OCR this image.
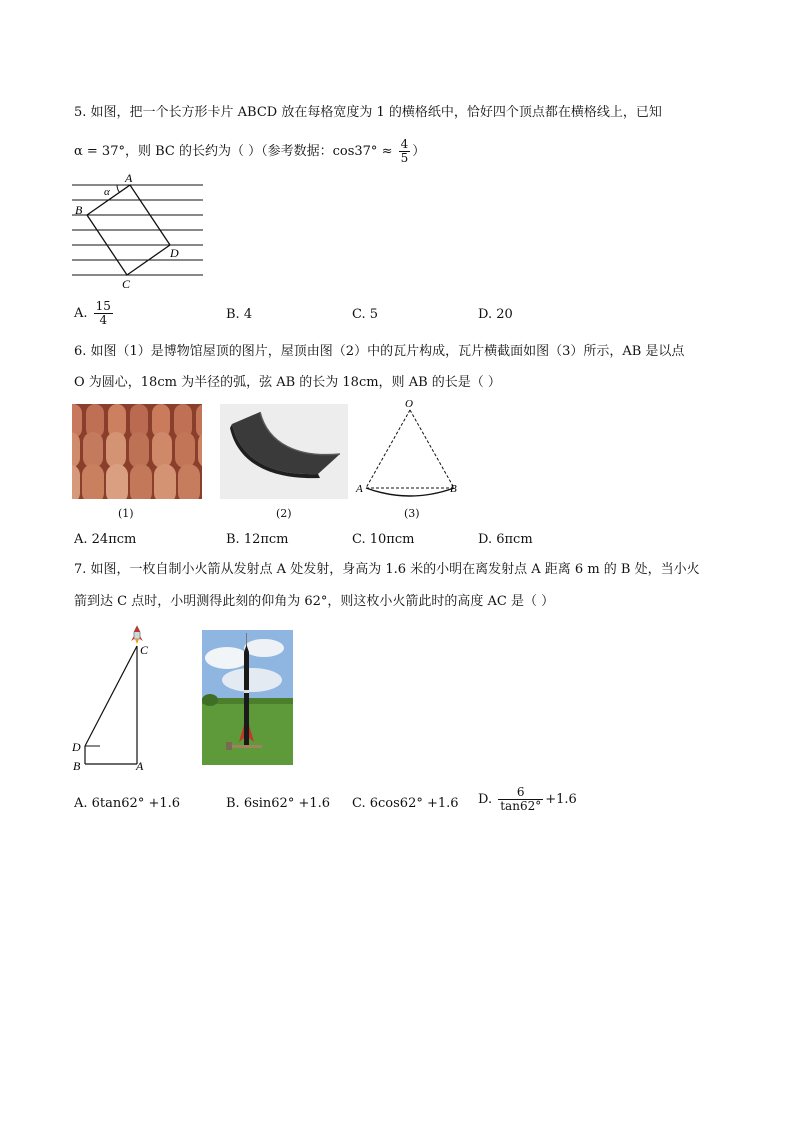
5. 如图，把一个长方形卡片 ABCD 放在每格宽度为 1 的横格纸中，恰好四个顶点都在横格线上，已知
α = 37°，则 BC 的长约为（ ）（参考数据：$\cos 37^\circ \approx \frac{4}{5}$ ）
A
B
C
D
α
A. $\frac{15}{4}$	B. 4	C. 5	D. 20
6. 如图（1）是博物馆屋顶的图片，屋顶由图（2）中的瓦片构成，瓦片横截面如图（3）所示，AB 是以点
O 为圆心，18cm 为半径的弧，弦 AB 的长为 18cm，则 AB 的长是（ ）
(1)	(2)
O
A	B
(3)
A. 24πcm	B. 12πcm	C. 10πcm	D. 6πcm
7. 如图，一枚自制小火箭从发射点 A 处发射，身高为 1.6 米的小明在离发射点 A 距离 6 m 的 B 处，当小火
箭到达 C 点时，小明测得此刻的仰角为 62°，则这枚小火箭此时的高度 AC 是（ ）
C
D
B	A
A. 6tan62° +1.6	B. 6sin62° +1.6 C. 6cos62° +1.6 D. $\frac{6}{\tan 62^\circ} +1.6$
